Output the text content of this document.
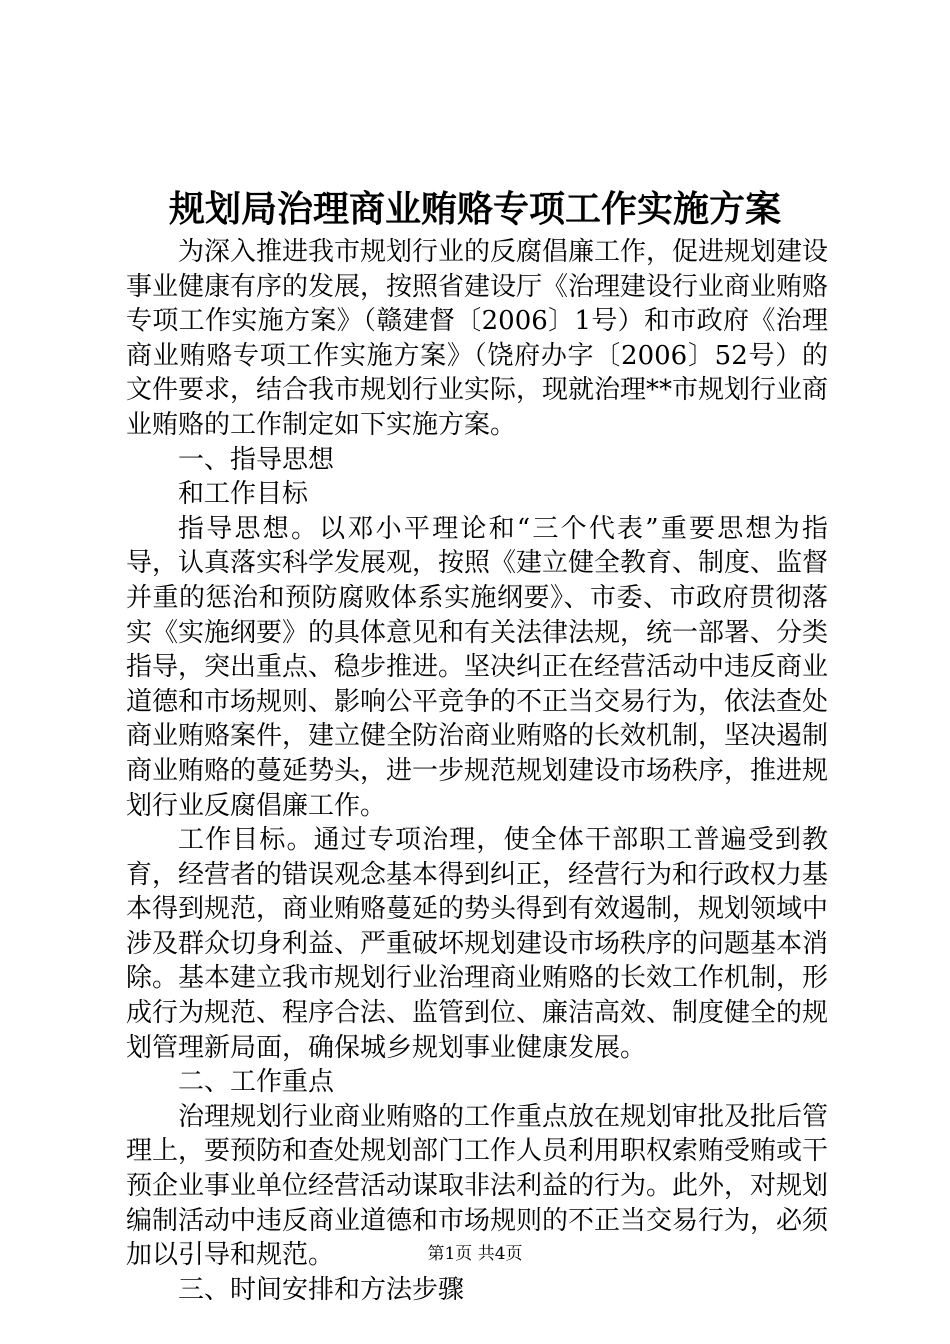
规划局治理商业贿赂专项工作实施方案

为深入推进我市规划行业的反腐倡廉工作，促进规划建设事业健康有序的发展，按照省建设厅《治理建设行业商业贿赂专项工作实施方案》（赣建督〔2006〕1号）和市政府《治理商业贿赂专项工作实施方案》（饶府办字〔2006〕52号）的文件要求，结合我市规划行业实际，现就治理**市规划行业商业贿赂的工作制定如下实施方案。

一、指导思想

和工作目标

指导思想。以邓小平理论和“三个代表”重要思想为指导，认真落实科学发展观，按照《建立健全教育、制度、监督并重的惩治和预防腐败体系实施纲要》、市委、市政府贯彻落实《实施纲要》的具体意见和有关法律法规，统一部署、分类指导，突出重点、稳步推进。坚决纠正在经营活动中违反商业道德和市场规则、影响公平竞争的不正当交易行为，依法查处商业贿赂案件，建立健全防治商业贿赂的长效机制，坚决遏制商业贿赂的蔓延势头，进一步规范规划建设市场秩序，推进规划行业反腐倡廉工作。

工作目标。通过专项治理，使全体干部职工普遍受到教育，经营者的错误观念基本得到纠正，经营行为和行政权力基本得到规范，商业贿赂蔓延的势头得到有效遏制，规划领域中涉及群众切身利益、严重破坏规划建设市场秩序的问题基本消除。基本建立我市规划行业治理商业贿赂的长效工作机制，形成行为规范、程序合法、监管到位、廉洁高效、制度健全的规划管理新局面，确保城乡规划事业健康发展。

二、工作重点

治理规划行业商业贿赂的工作重点放在规划审批及批后管理上，要预防和查处规划部门工作人员利用职权索贿受贿或干预企业事业单位经营活动谋取非法利益的行为。此外，对规划编制活动中违反商业道德和市场规则的不正当交易行为，必须加以引导和规范。

三、时间安排和方法步骤

第1页 共4页
